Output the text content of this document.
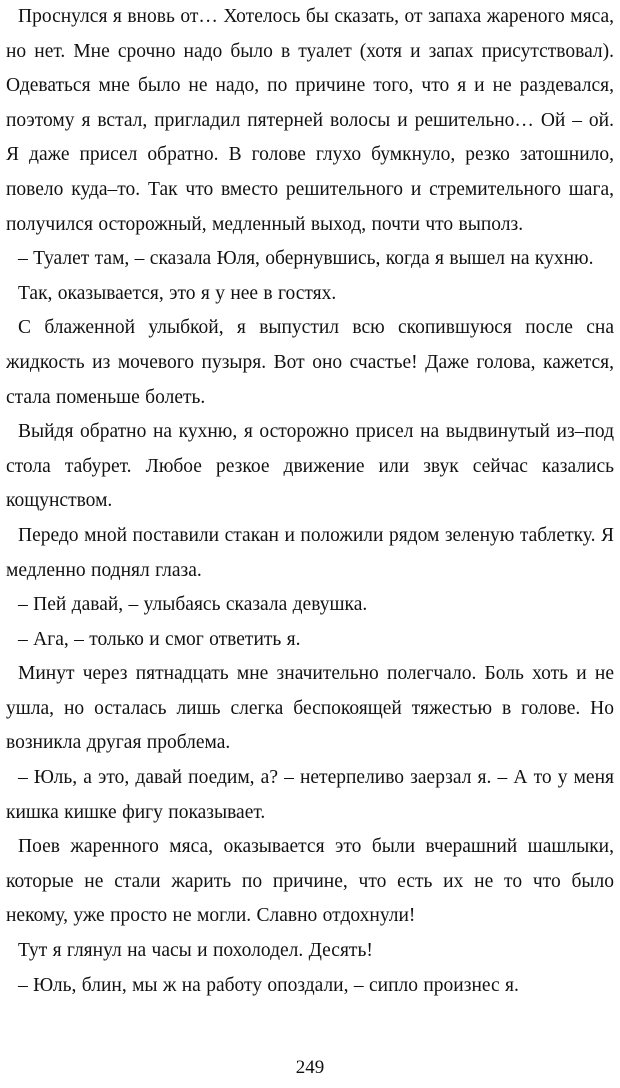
Проснулся я вновь от… Хотелось бы сказать, от запаха жареного мяса, но нет. Мне срочно надо было в туалет (хотя и запах присутствовал). Одеваться мне было не надо, по причине того, что я и не раздевался, поэтому я встал, пригладил пятерней волосы и решительно… Ой – ой. Я даже присел обратно. В голове глухо бумкнуло, резко затошнило, повело куда–то. Так что вместо решительного и стремительного шага, получился осторожный, медленный выход, почти что выполз.

– Туалет там, – сказала Юля, обернувшись, когда я вышел на кухню.

Так, оказывается, это я у нее в гостях.

С блаженной улыбкой, я выпустил всю скопившуюся после сна жидкость из мочевого пузыря. Вот оно счастье! Даже голова, кажется, стала поменьше болеть.

Выйдя обратно на кухню, я осторожно присел на выдвинутый из–под стола табурет. Любое резкое движение или звук сейчас казались кощунством.

Передо мной поставили стакан и положили рядом зеленую таблетку. Я медленно поднял глаза.

– Пей давай, – улыбаясь сказала девушка.

– Ага, – только и смог ответить я.

Минут через пятнадцать мне значительно полегчало. Боль хоть и не ушла, но осталась лишь слегка беспокоящей тяжестью в голове. Но возникла другая проблема.

– Юль, а это, давай поедим, а? – нетерпеливо заерзал я. – А то у меня кишка кишке фигу показывает.

Поев жаренного мяса, оказывается это были вчерашний шашлыки, которые не стали жарить по причине, что есть их не то что было некому, уже просто не могли. Славно отдохнули!

Тут я глянул на часы и похолодел. Десять!

– Юль, блин, мы ж на работу опоздали, – сипло произнес я.

249
